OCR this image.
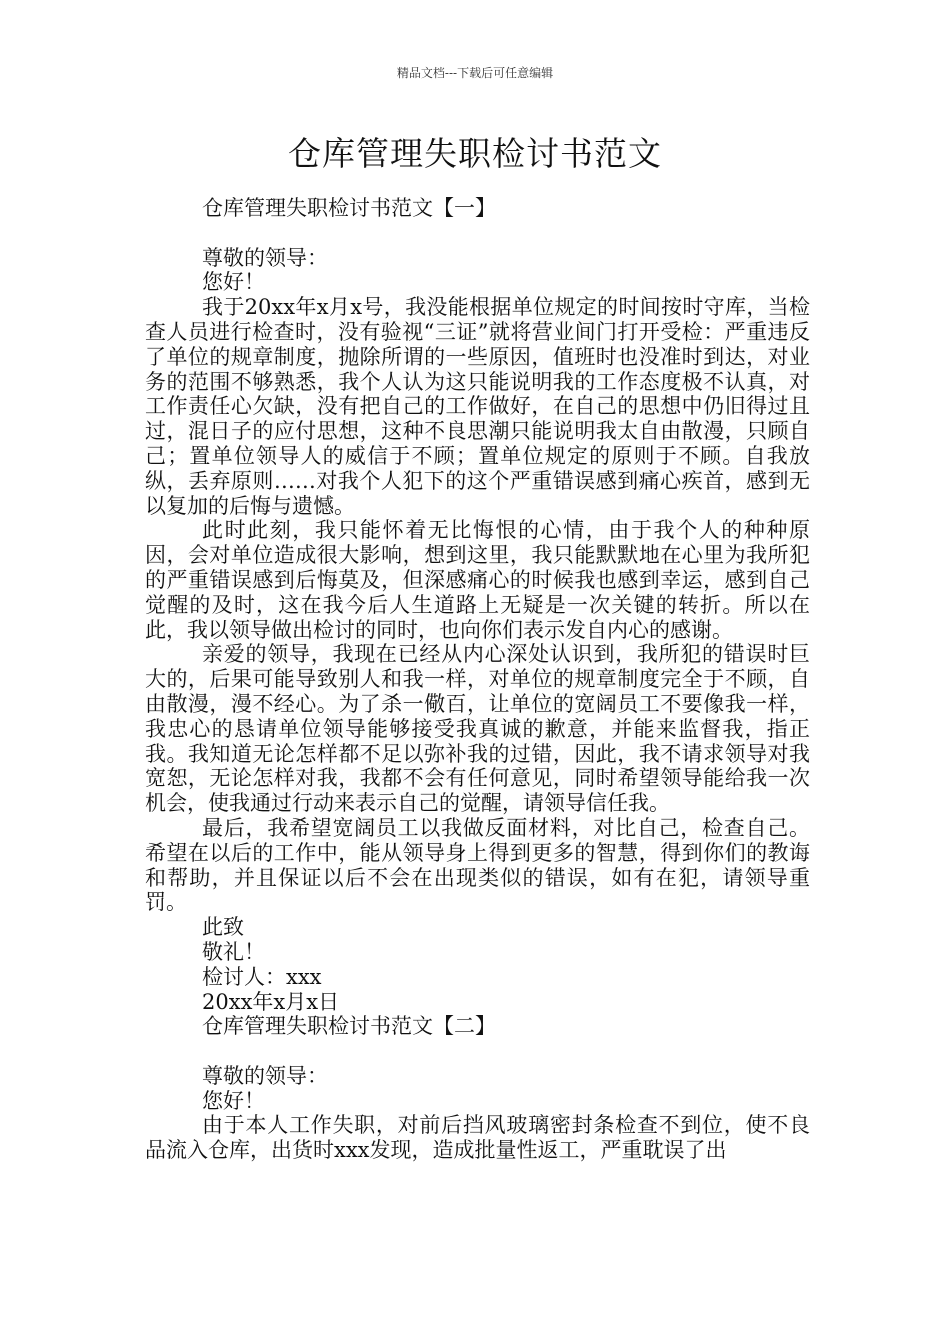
精品文档---下载后可任意编辑
仓库管理失职检讨书范文

仓库管理失职检讨书范文【一】

尊敬的领导：

您好！

我于20xx年x月x号，我没能根据单位规定的时间按时守库，当检查人员进行检查时，没有验视“三证”就将营业间门打开受检：严重违反了单位的规章制度，抛除所谓的一些原因，值班时也没准时到达，对业务的范围不够熟悉，我个人认为这只能说明我的工作态度极不认真，对工作责任心欠缺，没有把自己的工作做好，在自己的思想中仍旧得过且过，混日子的应付思想，这种不良思潮只能说明我太自由散漫，只顾自己；置单位领导人的威信于不顾；置单位规定的原则于不顾。自我放纵，丢弃原则……对我个人犯下的这个严重错误感到痛心疾首，感到无以复加的后悔与遗憾。

此时此刻，我只能怀着无比悔恨的心情，由于我个人的种种原因，会对单位造成很大影响，想到这里，我只能默默地在心里为我所犯的严重错误感到后悔莫及，但深感痛心的时候我也感到幸运，感到自己觉醒的及时，这在我今后人生道路上无疑是一次关键的转折。所以在此，我以领导做出检讨的同时，也向你们表示发自内心的感谢。

亲爱的领导，我现在已经从内心深处认识到，我所犯的错误时巨大的，后果可能导致别人和我一样，对单位的规章制度完全于不顾，自由散漫，漫不经心。为了杀一儆百，让单位的宽阔员工不要像我一样，我忠心的恳请单位领导能够接受我真诚的歉意，并能来监督我，指正我。我知道无论怎样都不足以弥补我的过错，因此，我不请求领导对我宽恕，无论怎样对我，我都不会有任何意见，同时希望领导能给我一次机会，使我通过行动来表示自己的觉醒，请领导信任我。

最后，我希望宽阔员工以我做反面材料，对比自己，检查自己。希望在以后的工作中，能从领导身上得到更多的智慧，得到你们的教诲和帮助，并且保证以后不会在出现类似的错误，如有在犯，请领导重罚。

此致

敬礼！

检讨人：xxx

20xx年x月x日

仓库管理失职检讨书范文【二】

尊敬的领导：

您好！

由于本人工作失职，对前后挡风玻璃密封条检查不到位，使不良品流入仓库，出货时xxx发现，造成批量性返工，严重耽误了出
